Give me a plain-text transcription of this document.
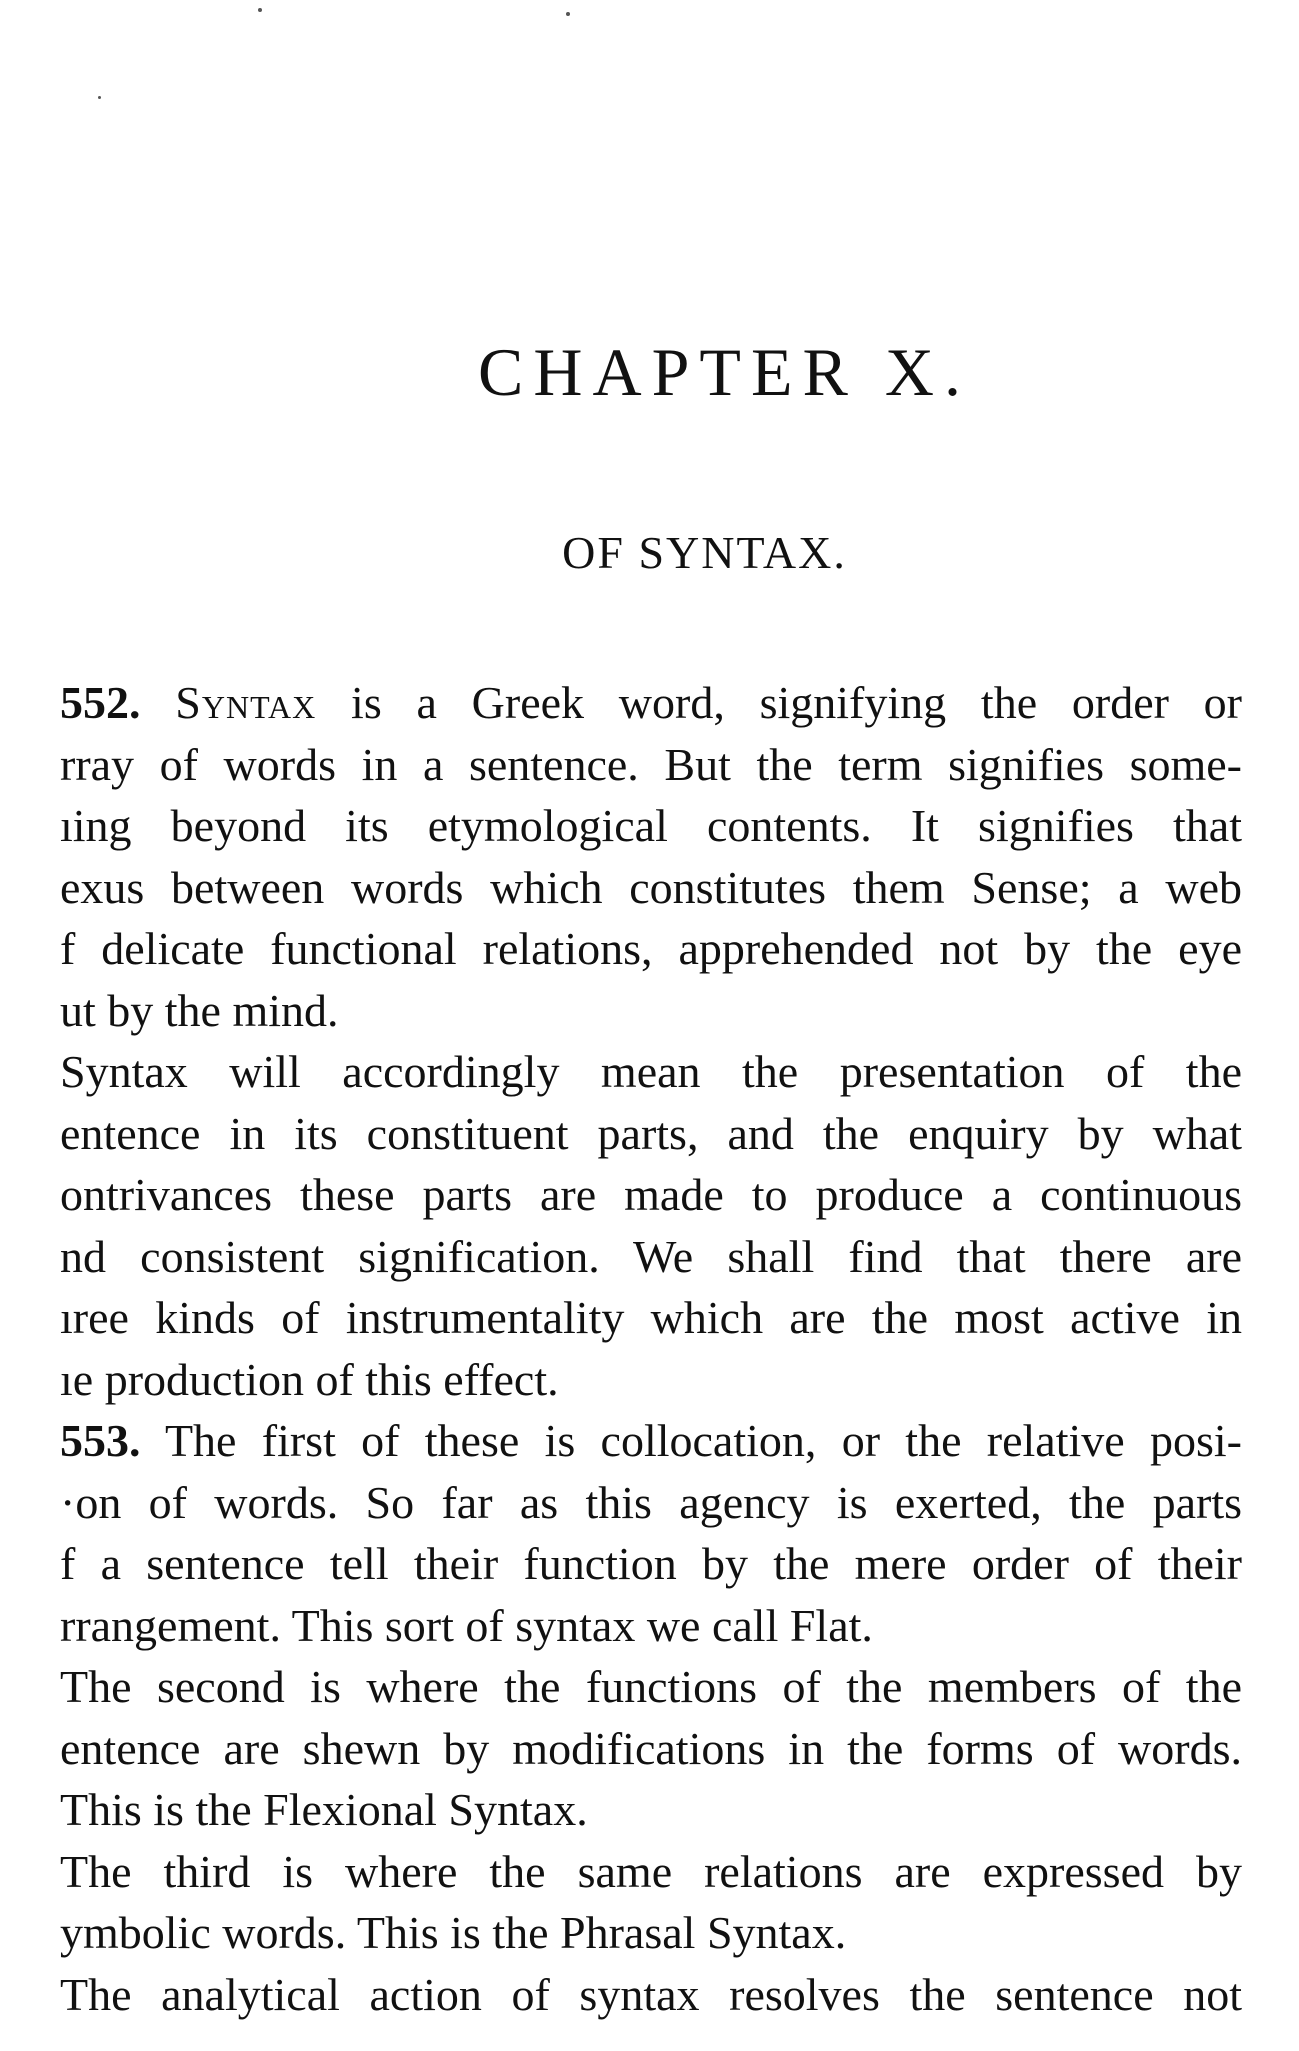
CHAPTER X.
OF SYNTAX.
552. Syntax is a Greek word, signifying the order or
rray of words in a sentence. But the term signifies some-
ıing beyond its etymological contents. It signifies that
exus between words which constitutes them Sense; a web
f delicate functional relations, apprehended not by the eye
ut by the mind.
Syntax will accordingly mean the presentation of the
entence in its constituent parts, and the enquiry by what
ontrivances these parts are made to produce a continuous
nd consistent signification. We shall find that there are
ıree kinds of instrumentality which are the most active in
ıe production of this effect.
553. The first of these is collocation, or the relative posi-
·on of words. So far as this agency is exerted, the parts
f a sentence tell their function by the mere order of their
rrangement. This sort of syntax we call Flat.
The second is where the functions of the members of the
entence are shewn by modifications in the forms of words.
This is the Flexional Syntax.
The third is where the same relations are expressed by
ymbolic words. This is the Phrasal Syntax.
The analytical action of syntax resolves the sentence not
